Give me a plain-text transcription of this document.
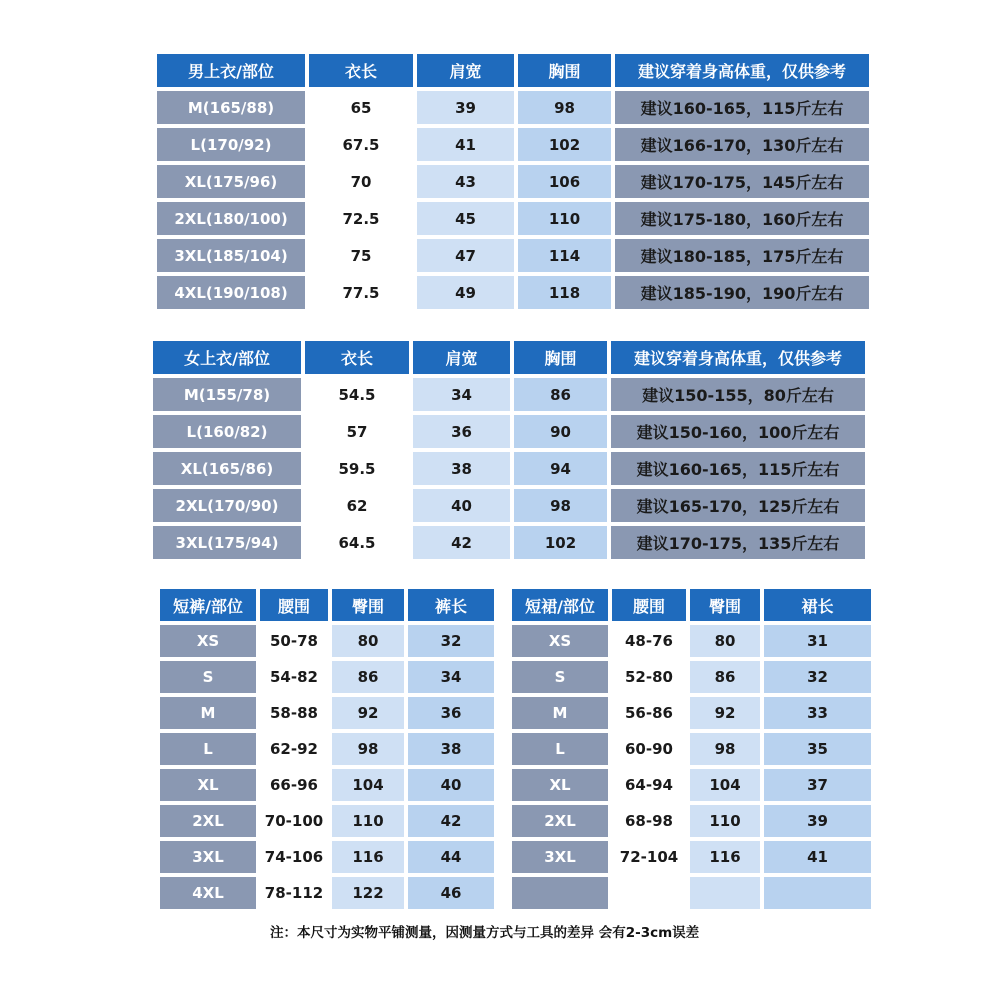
男上衣/部位	衣长	肩宽	胸围	建议穿着身高体重，仅供参考
M(165/88)	65	39	98	建议160-165，115斤左右
L(170/92)	67.5	41	102	建议166-170，130斤左右
XL(175/96)	70	43	106	建议170-175，145斤左右
2XL(180/100)	72.5	45	110	建议175-180，160斤左右
3XL(185/104)	75	47	114	建议180-185，175斤左右
4XL(190/108)	77.5	49	118	建议185-190，190斤左右
女上衣/部位	衣长	肩宽	胸围	建议穿着身高体重，仅供参考
M(155/78)	54.5	34	86	建议150-155，80斤左右
L(160/82)	57	36	90	建议150-160，100斤左右
XL(165/86)	59.5	38	94	建议160-165，115斤左右
2XL(170/90)	62	40	98	建议165-170，125斤左右
3XL(175/94)	64.5	42	102	建议170-175，135斤左右
短裤/部位	腰围	臀围	裤长
XS	50-78	80	32
S	54-82	86	34
M	58-88	92	36
L	62-92	98	38
XL	66-96	104	40
2XL	70-100	110	42
3XL	74-106	116	44
4XL	78-112	122	46
短裙/部位	腰围	臀围	裙长
XS	48-76	80	31
S	52-80	86	32
M	56-86	92	33
L	60-90	98	35
XL	64-94	104	37
2XL	68-98	110	39
3XL	72-104	116	41
注：本尺寸为实物平铺测量，因测量方式与工具的差异 会有2-3cm误差
